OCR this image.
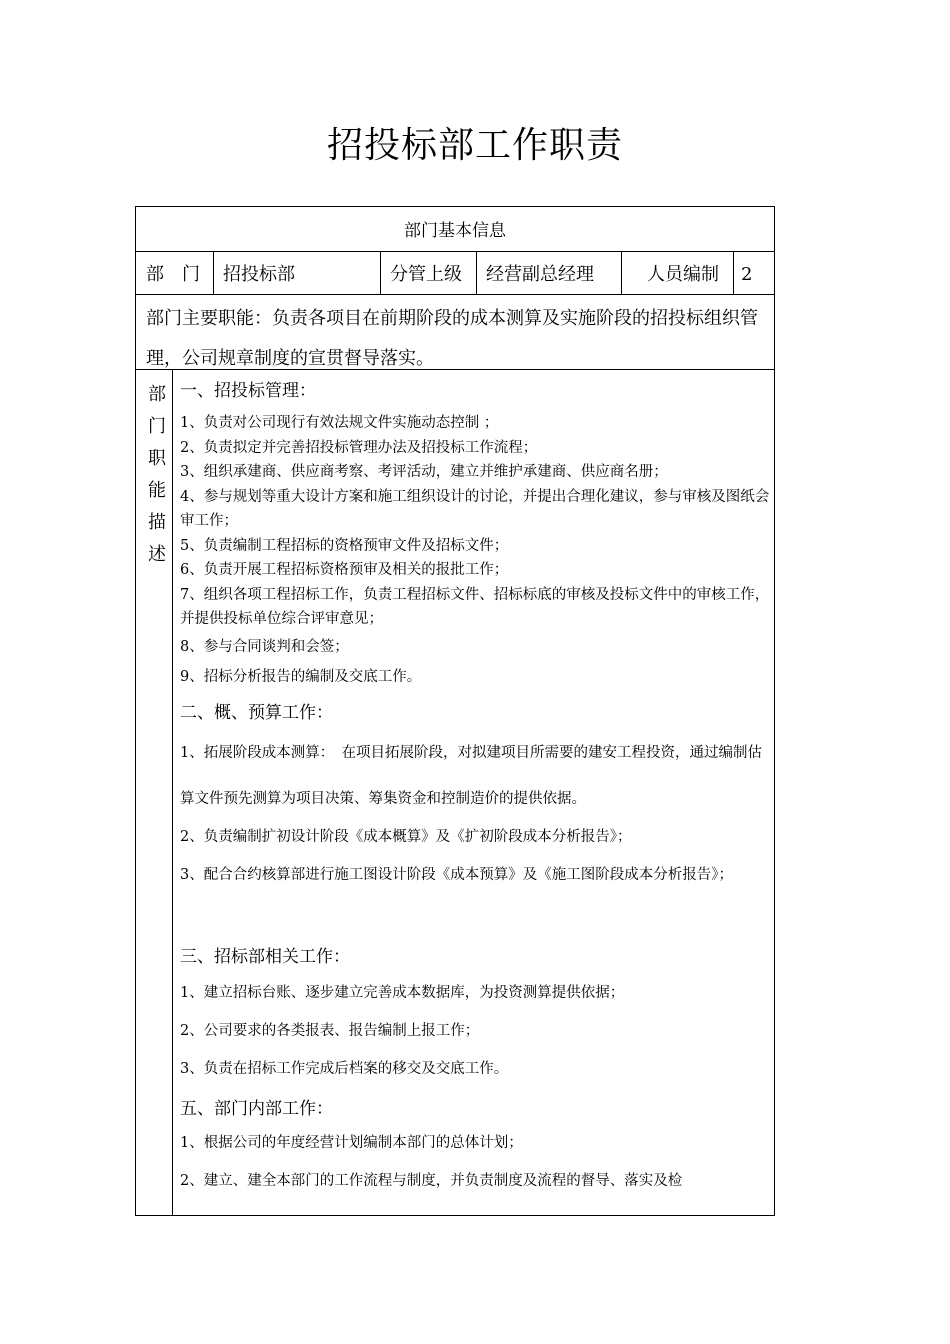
招投标部工作职责
部门基本信息
部　门 招投标部	分管上级 经营副总经理	人员编制 2
部门主要职能：负责各项目在前期阶段的成本测算及实施阶段的招投标组织管理，公司规章制度的宣贯督导落实。
部
门
职
能
描
述

一、招投标管理：

1、负责对公司现行有效法规文件实施动态控制 ；

2、负责拟定并完善招投标管理办法及招投标工作流程；

3、组织承建商、供应商考察、考评活动，建立并维护承建商、供应商名册；

4、参与规划等重大设计方案和施工组织设计的讨论，并提出合理化建议，参与审核及图纸会审工作；

5、负责编制工程招标的资格预审文件及招标文件；

6、负责开展工程招标资格预审及相关的报批工作；

7、组织各项工程招标工作，负责工程招标文件、招标标底的审核及投标文件中的审核工作，并提供投标单位综合评审意见；

8、参与合同谈判和会签；

9、招标分析报告的编制及交底工作。

二、概、预算工作：

1、拓展阶段成本测算：　在项目拓展阶段，对拟建项目所需要的建安工程投资，通过编制估算文件预先测算为项目决策、筹集资金和控制造价的提供依据。

2、负责编制扩初设计阶段《成本概算》及《扩初阶段成本分析报告》；

3、配合合约核算部进行施工图设计阶段《成本预算》及《施工图阶段成本分析报告》；

三、招标部相关工作：

1、建立招标台账、逐步建立完善成本数据库，为投资测算提供依据；

2、公司要求的各类报表、报告编制上报工作；

3、负责在招标工作完成后档案的移交及交底工作。

五、部门内部工作：

1、根据公司的年度经营计划编制本部门的总体计划；

2、建立、建全本部门的工作流程与制度，并负责制度及流程的督导、落实及检
